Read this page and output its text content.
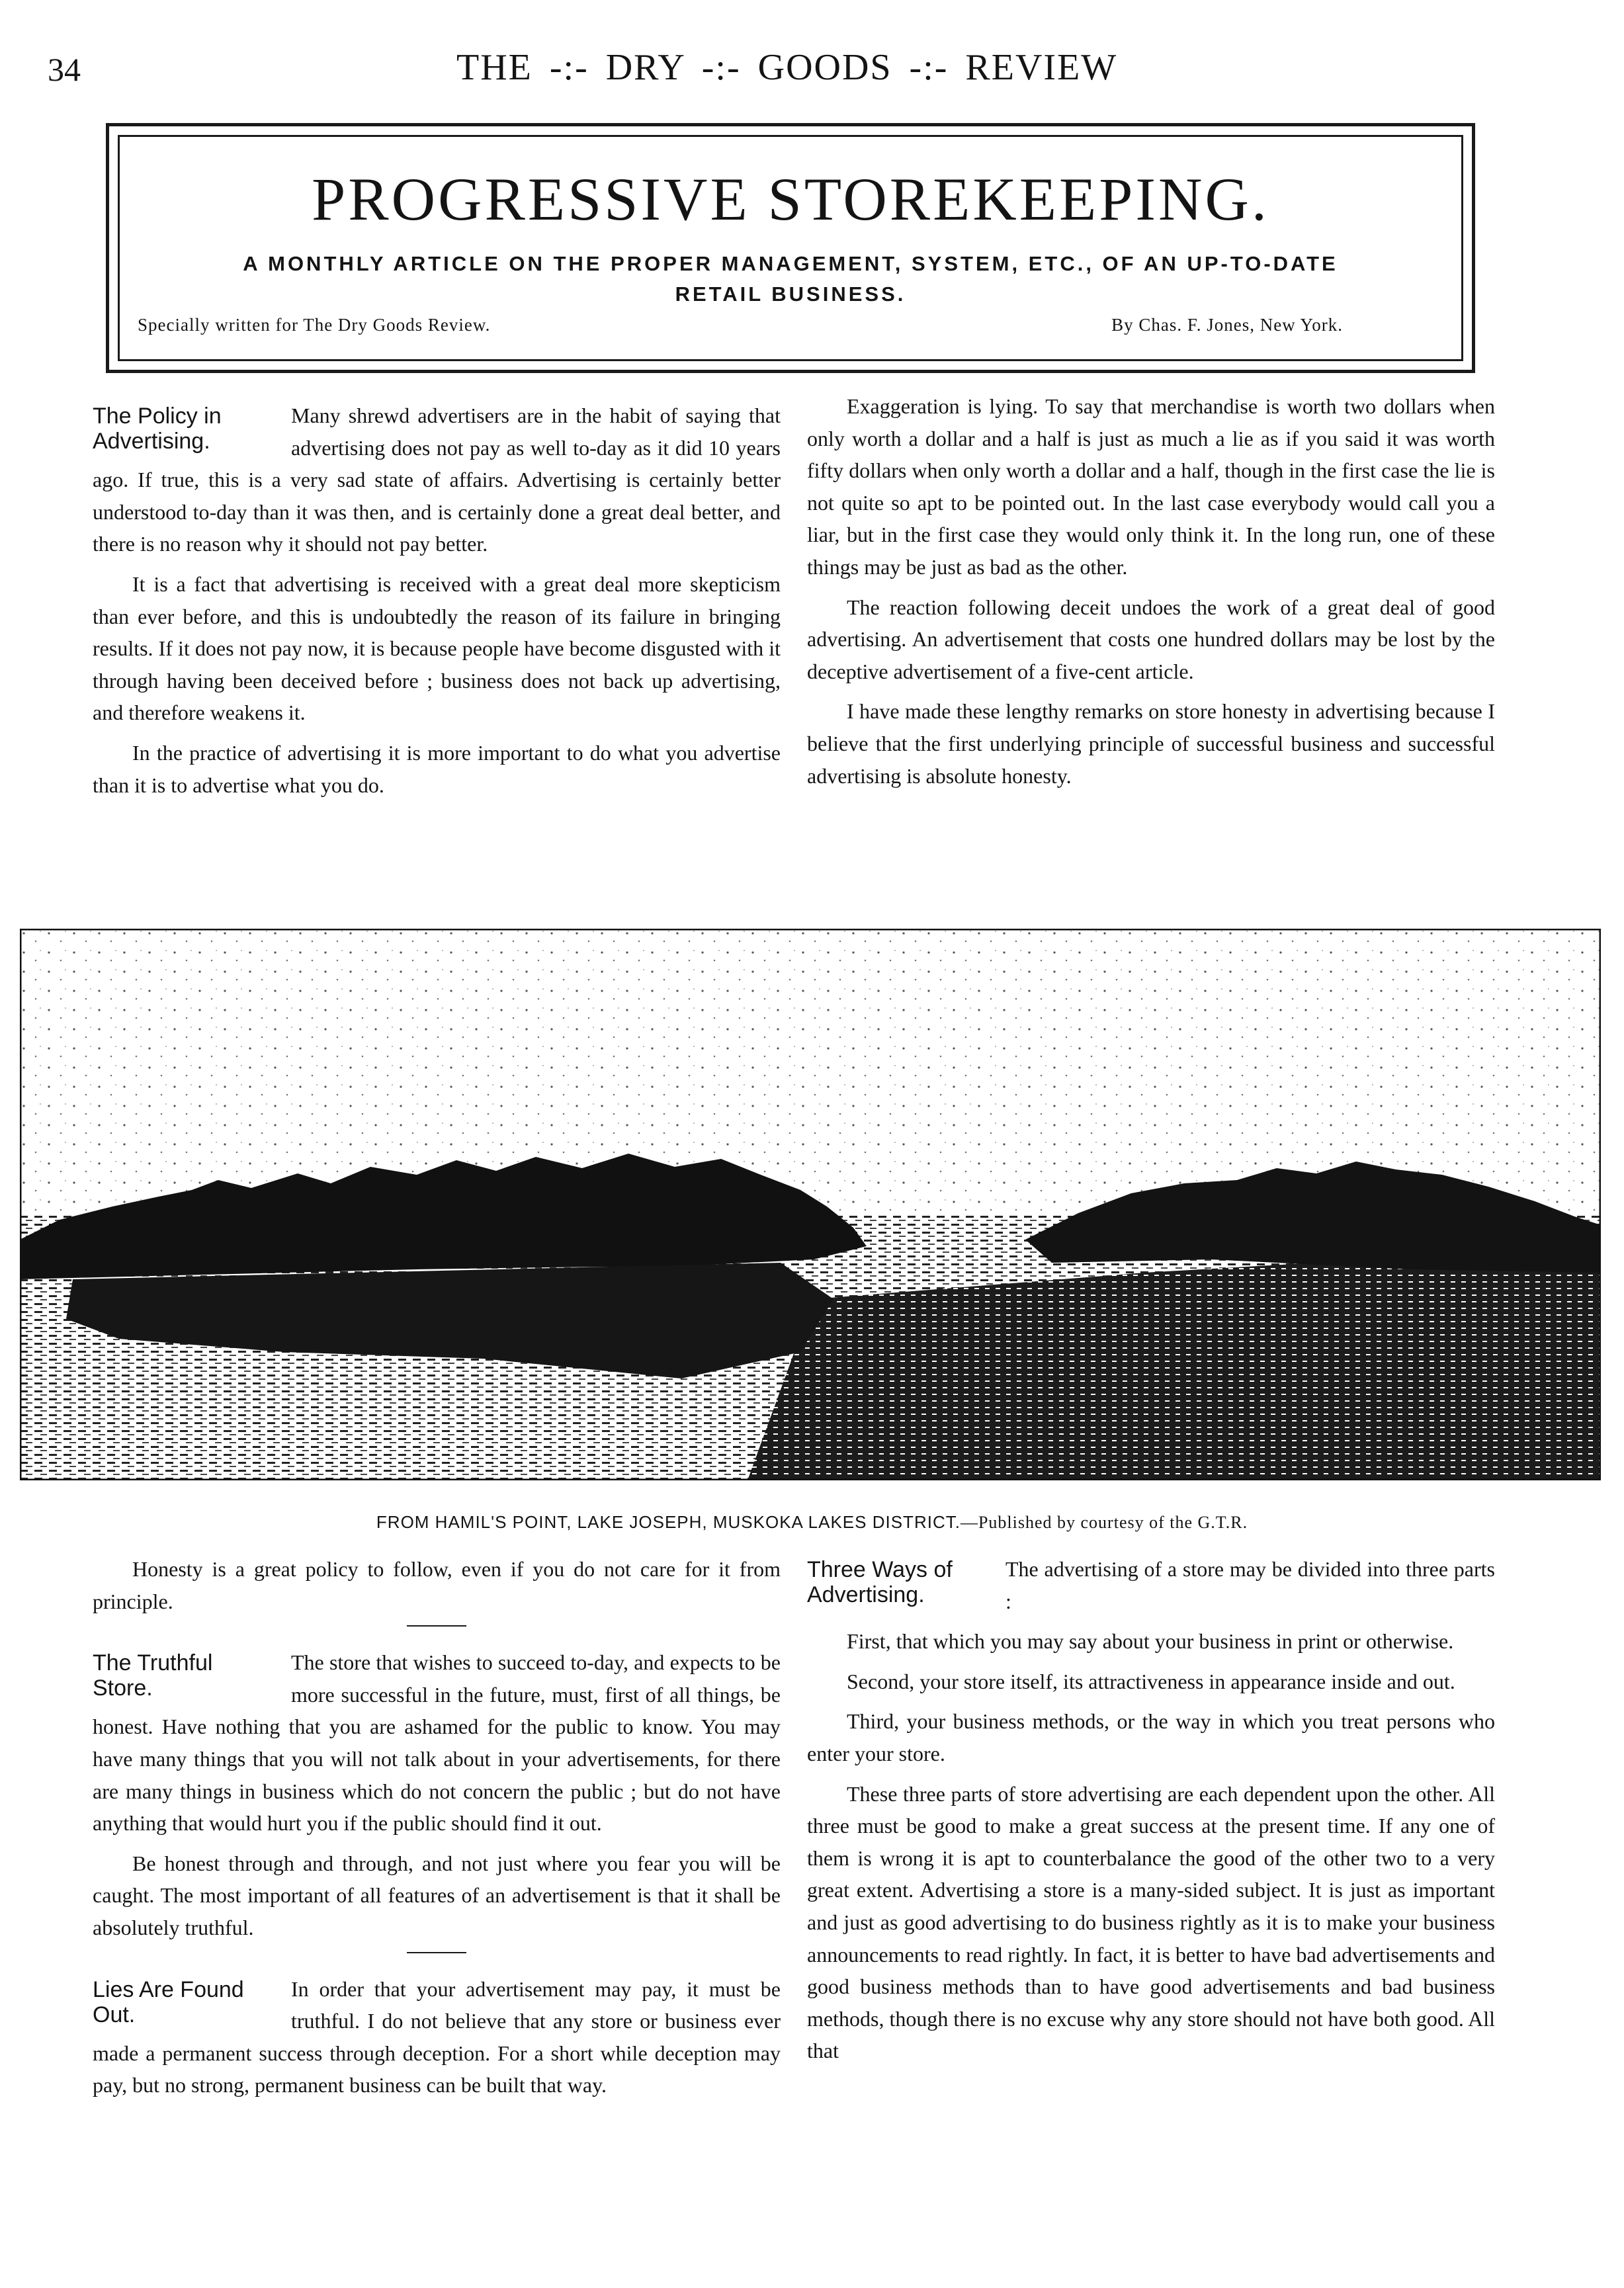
34	THE -:- DRY -:- GOODS -:- REVIEW
PROGRESSIVE STOREKEEPING.
A MONTHLY ARTICLE ON THE PROPER MANAGEMENT, SYSTEM, ETC., OF AN UP-TO-DATE RETAIL BUSINESS.
Specially written for The Dry Goods Review.	By Chas. F. Jones, New York.
The Policy in Advertising.

Many shrewd advertisers are in the habit of saying that advertising does not pay as well to-day as it did 10 years ago. If true, this is a very sad state of affairs. Advertising is certainly better understood to-day than it was then, and is certainly done a great deal better, and there is no reason why it should not pay better.

It is a fact that advertising is received with a great deal more skepticism than ever before, and this is undoubtedly the reason of its failure in bringing results. If it does not pay now, it is because people have become disgusted with it through having been deceived before ; business does not back up advertising, and therefore weakens it.

In the practice of advertising it is more important to do what you advertise than it is to advertise what you do.

Exaggeration is lying. To say that merchandise is worth two dollars when only worth a dollar and a half is just as much a lie as if you said it was worth fifty dollars when only worth a dollar and a half, though in the first case the lie is not quite so apt to be pointed out. In the last case everybody would call you a liar, but in the first case they would only think it. In the long run, one of these things may be just as bad as the other.

The reaction following deceit undoes the work of a great deal of good advertising. An advertisement that costs one hundred dollars may be lost by the deceptive advertisement of a five-cent article.

I have made these lengthy remarks on store honesty in advertising because I believe that the first underlying principle of successful business and successful advertising is absolute honesty.

FROM HAMIL'S POINT, LAKE JOSEPH, MUSKOKA LAKES DISTRICT.—Published by courtesy of the G.T.R.

Honesty is a great policy to follow, even if you do not care for it from principle.

The Truthful Store.

The store that wishes to succeed to-day, and expects to be more successful in the future, must, first of all things, be honest. Have nothing that you are ashamed for the public to know. You may have many things that you will not talk about in your advertisements, for there are many things in business which do not concern the public ; but do not have anything that would hurt you if the public should find it out.

Be honest through and through, and not just where you fear you will be caught. The most important of all features of an advertisement is that it shall be absolutely truthful.

Lies Are Found Out.

In order that your advertisement may pay, it must be truthful. I do not believe that any store or business ever made a permanent success through deception. For a short while deception may pay, but no strong, permanent business can be built that way.

Three Ways of Advertising.

The advertising of a store may be divided into three parts :

First, that which you may say about your business in print or otherwise.

Second, your store itself, its attractiveness in appearance inside and out.

Third, your business methods, or the way in which you treat persons who enter your store.

These three parts of store advertising are each dependent upon the other. All three must be good to make a great success at the present time. If any one of them is wrong it is apt to counterbalance the good of the other two to a very great extent. Advertising a store is a many-sided subject. It is just as important and just as good advertising to do business rightly as it is to make your business announcements to read rightly. In fact, it is better to have bad advertisements and good business methods than to have good advertisements and bad business methods, though there is no excuse why any store should not have both good. All that
